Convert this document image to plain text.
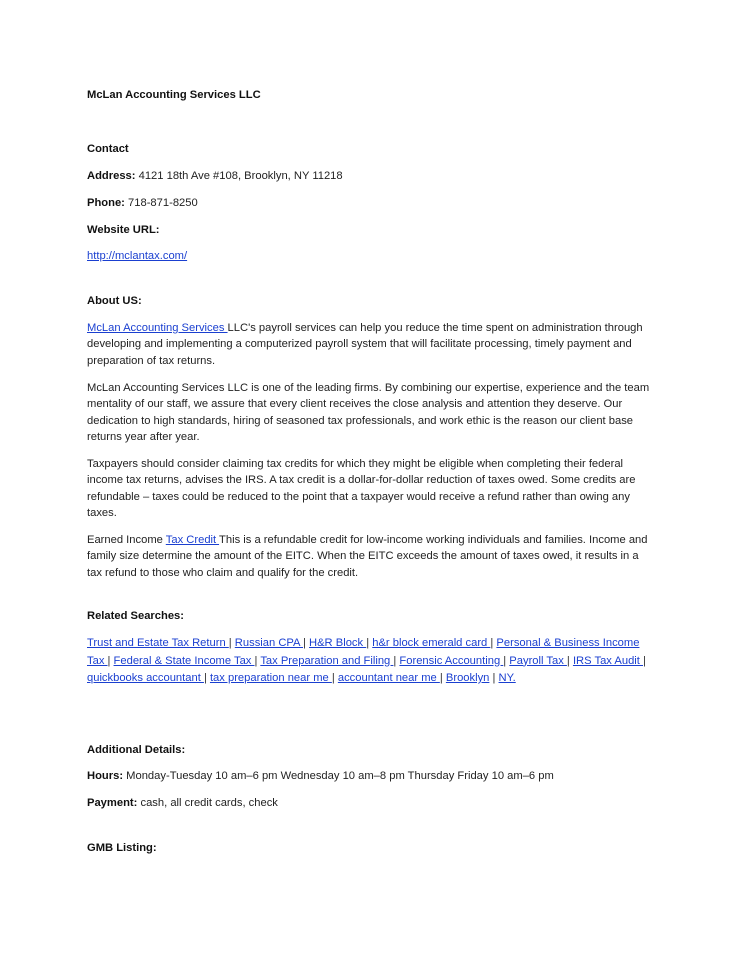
McLan Accounting Services LLC

Contact

Address: 4121 18th Ave #108, Brooklyn, NY 11218

Phone: 718-871-8250

Website URL:

http://mclantax.com/

About US:

McLan Accounting Services LLC's payroll services can help you reduce the time spent on administration through developing and implementing a computerized payroll system that will facilitate processing, timely payment and preparation of tax returns.

McLan Accounting Services LLC is one of the leading firms. By combining our expertise, experience and the team mentality of our staff, we assure that every client receives the close analysis and attention they deserve. Our dedication to high standards, hiring of seasoned tax professionals, and work ethic is the reason our client base returns year after year.

Taxpayers should consider claiming tax credits for which they might be eligible when completing their federal income tax returns, advises the IRS. A tax credit is a dollar-for-dollar reduction of taxes owed. Some credits are refundable – taxes could be reduced to the point that a taxpayer would receive a refund rather than owing any taxes.

Earned Income Tax Credit This is a refundable credit for low-income working individuals and families. Income and family size determine the amount of the EITC. When the EITC exceeds the amount of taxes owed, it results in a tax refund to those who claim and qualify for the credit.

Related Searches:

Trust and Estate Tax Return | Russian CPA | H&R Block | h&r block emerald card | Personal & Business Income Tax | Federal & State Income Tax | Tax Preparation and Filing | Forensic Accounting | Payroll Tax | IRS Tax Audit | quickbooks accountant | tax preparation near me | accountant near me | Brooklyn | NY.

Additional Details:

Hours: Monday-Tuesday 10 am–6 pm Wednesday 10 am–8 pm Thursday Friday 10 am–6 pm

Payment: cash, all credit cards, check

GMB Listing:
